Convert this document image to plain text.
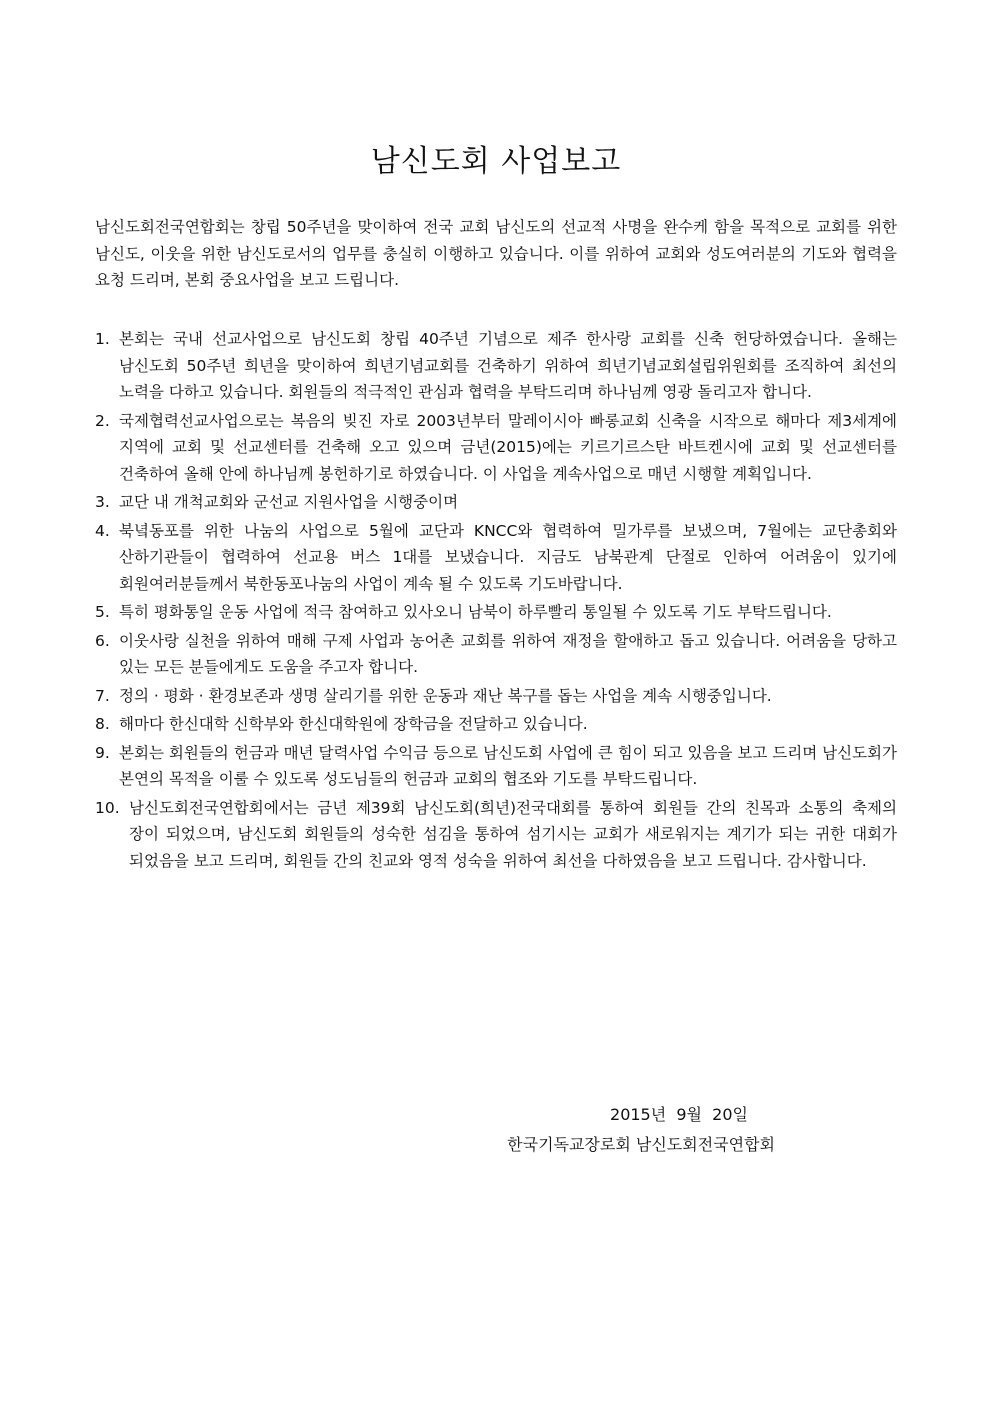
남신도회 사업보고
남신도회전국연합회는 창립 50주년을 맞이하여 전국 교회 남신도의 선교적 사명을 완수케 함을 목적으로 교회를 위한 남신도, 이웃을 위한 남신도로서의 업무를 충실히 이행하고 있습니다. 이를 위하여 교회와 성도여러분의 기도와 협력을 요청 드리며, 본회 중요사업을 보고 드립니다.
1. 본회는 국내 선교사업으로 남신도회 창립 40주년 기념으로 제주 한사랑 교회를 신축 헌당하였습니다. 올해는 남신도회 50주년 희년을 맞이하여 희년기념교회를 건축하기 위하여 희년기념교회설립위원회를 조직하여 최선의 노력을 다하고 있습니다. 회원들의 적극적인 관심과 협력을 부탁드리며 하나님께 영광 돌리고자 합니다.
2. 국제협력선교사업으로는 복음의 빚진 자로 2003년부터 말레이시아 빠롱교회 신축을 시작으로 해마다 제3세계에 지역에 교회 및 선교센터를 건축해 오고 있으며 금년(2015)에는 키르기르스탄 바트켄시에 교회 및 선교센터를 건축하여 올해 안에 하나님께 봉헌하기로 하였습니다. 이 사업을 계속사업으로 매년 시행할 계획입니다.
3. 교단 내 개척교회와 군선교 지원사업을 시행중이며
4. 북녘동포를 위한 나눔의 사업으로 5월에 교단과 KNCC와 협력하여 밀가루를 보냈으며, 7월에는 교단총회와 산하기관들이 협력하여 선교용 버스 1대를 보냈습니다. 지금도 남북관계 단절로 인하여 어려움이 있기에 회원여러분들께서 북한동포나눔의 사업이 계속 될 수 있도록 기도바랍니다.
5. 특히 평화통일 운동 사업에 적극 참여하고 있사오니 남북이 하루빨리 통일될 수 있도록 기도 부탁드립니다.
6. 이웃사랑 실천을 위하여 매해 구제 사업과 농어촌 교회를 위하여 재정을 할애하고 돕고 있습니다. 어려움을 당하고 있는 모든 분들에게도 도움을 주고자 합니다.
7. 정의 · 평화 · 환경보존과 생명 살리기를 위한 운동과 재난 복구를 돕는 사업을 계속 시행중입니다.
8. 해마다 한신대학 신학부와 한신대학원에 장학금을 전달하고 있습니다.
9. 본회는 회원들의 헌금과 매년 달력사업 수익금 등으로 남신도회 사업에 큰 힘이 되고 있음을 보고 드리며 남신도회가 본연의 목적을 이룰 수 있도록 성도님들의 헌금과 교회의 협조와 기도를 부탁드립니다.
10. 남신도회전국연합회에서는 금년 제39회 남신도회(희년)전국대회를 통하여 회원들 간의 친목과 소통의 축제의 장이 되었으며, 남신도회 회원들의 성숙한 섬김을 통하여 섬기시는 교회가 새로워지는 계기가 되는 귀한 대회가 되었음을 보고 드리며, 회원들 간의 친교와 영적 성숙을 위하여 최선을 다하였음을 보고 드립니다. 감사합니다.
2015년  9월  20일
한국기독교장로회 남신도회전국연합회
